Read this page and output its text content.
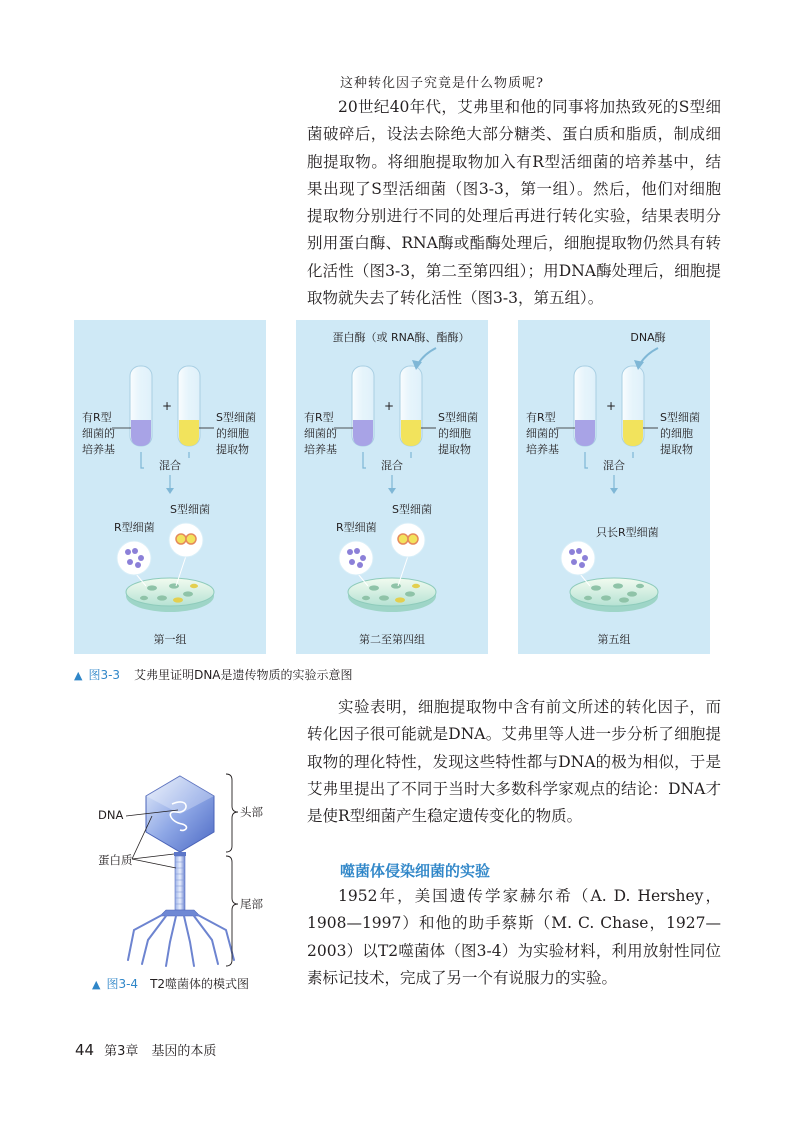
这种转化因子究竟是什么物质呢?

20世纪40年代，艾弗里和他的同事将加热致死的S型细菌破碎后，设法去除绝大部分糖类、蛋白质和脂质，制成细胞提取物。将细胞提取物加入有R型活细菌的培养基中，结果出现了S型活细菌（图3-3，第一组）。然后，他们对细胞提取物分别进行不同的处理后再进行转化实验，结果表明分别用蛋白酶、RNA酶或酯酶处理后，细胞提取物仍然具有转化活性（图3-3，第二至第四组）；用DNA酶处理后，细胞提取物就失去了转化活性（图3-3，第五组）。

有R型
细菌的
培养基
S型细菌
的细胞
提取物
+
混合
S型细菌
R型细菌
第一组
蛋白酶（或 RNA酶、酯酶）
有R型
细菌的
培养基
S型细菌
的细胞
提取物
+
混合
S型细菌
R型细菌
第二至第四组
DNA酶
有R型
细菌的
培养基
S型细菌
的细胞
提取物
+
混合
只长R型细菌
第五组
▲ 图3-3 艾弗里证明DNA是遗传物质的实验示意图

实验表明，细胞提取物中含有前文所述的转化因子，而转化因子很可能就是DNA。艾弗里等人进一步分析了细胞提取物的理化特性，发现这些特性都与DNA的极为相似，于是艾弗里提出了不同于当时大多数科学家观点的结论：DNA才是使R型细菌产生稳定遗传变化的物质。

DNA
蛋白质
头部
尾部
▲ 图3-4 T2噬菌体的模式图
噬菌体侵染细菌的实验

1952年，美国遗传学家赫尔希（A. D. Hershey，1908—1997）和他的助手蔡斯（M. C. Chase，1927—2003）以T2噬菌体（图3-4）为实验材料，利用放射性同位素标记技术，完成了另一个有说服力的实验。

44 第3章　基因的本质
